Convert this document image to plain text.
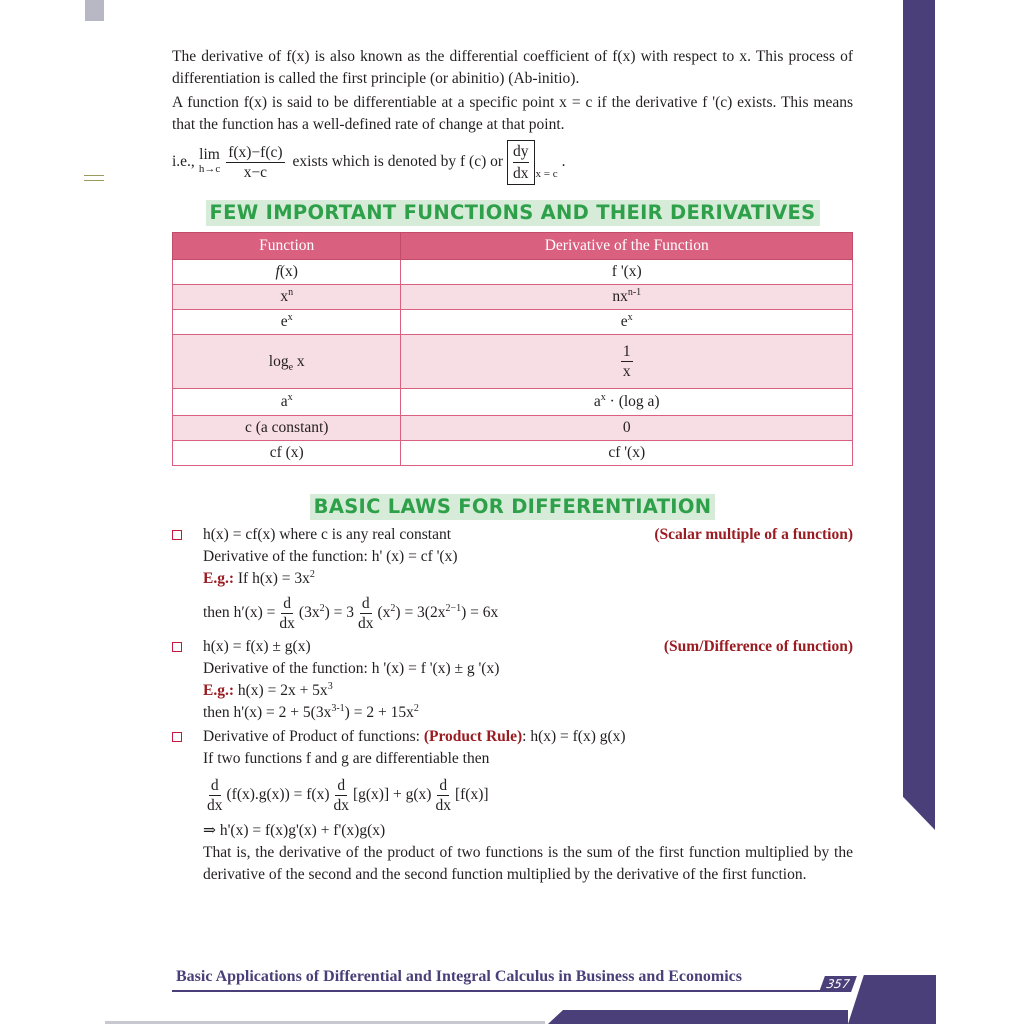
The derivative of f(x) is also known as the differential coefficient of f(x) with respect to x. This process of differentiation is called the first principle (or abinitio) (Ab-initio).

A function f(x) is said to be differentiable at a specific point x = c if the derivative f '(c) exists. This means that the function has a well-defined rate of change at that point.

i.e., lim
$h\to c \frac{f(x)-f(c)}{x-c}$ exists which is denoted by f (c) or
dy
dx x = c
.
FEW IMPORTANT FUNCTIONS AND THEIR DERIVATIVES
Function	Derivative of the Function
f(x)	f '(x)
$x^n$	$nx^{n-1}$
$e^x$	$e^x$
$\log_e x$	$\frac{1}{x}$

$a^x$	$a^x \cdot (\log$ a)
c (a constant)	0
cf (x)	cf '(x)
BASIC LAWS FOR DIFFERENTIATION
h(x) = cf(x) where c is any real constant	(Scalar multiple of a function)
Derivative of the function: h' (x) = cf '(x)
E.g.: If $h(x) = 3x^2$
then
$h'(x) = \frac{d}{dx} (3x^2) = 3 \frac{d}{dx} (x^2) = 3(2x^{2-1}) = 6x$
h(x) = f(x) ± g(x)	(Sum/Difference of function)
Derivative of the function: h '(x) = f '(x) ± g '(x)
E.g.: $h(x) = 2x + 5x^3$
then $h'(x) = 2 + 5(3x^{3-1}) = 2 + 15x^2$
Derivative of Product of functions: (Product Rule): h(x) = f(x) g(x)
If two functions f and g are differentiable then
$\frac{d}{dx} (f(x).g(x)) = f(x) \frac{d}{dx} [g(x)] + g(x) \frac{d}{dx} [f(x)]$
⇒ h'(x) = f(x)g'(x) + f'(x)g(x)

That is, the derivative of the product of two functions is the sum of the first function multiplied by the derivative of the second and the second function multiplied by the derivative of the first function.

Basic Applications of Differential and Integral Calculus in Business and Economics	357
